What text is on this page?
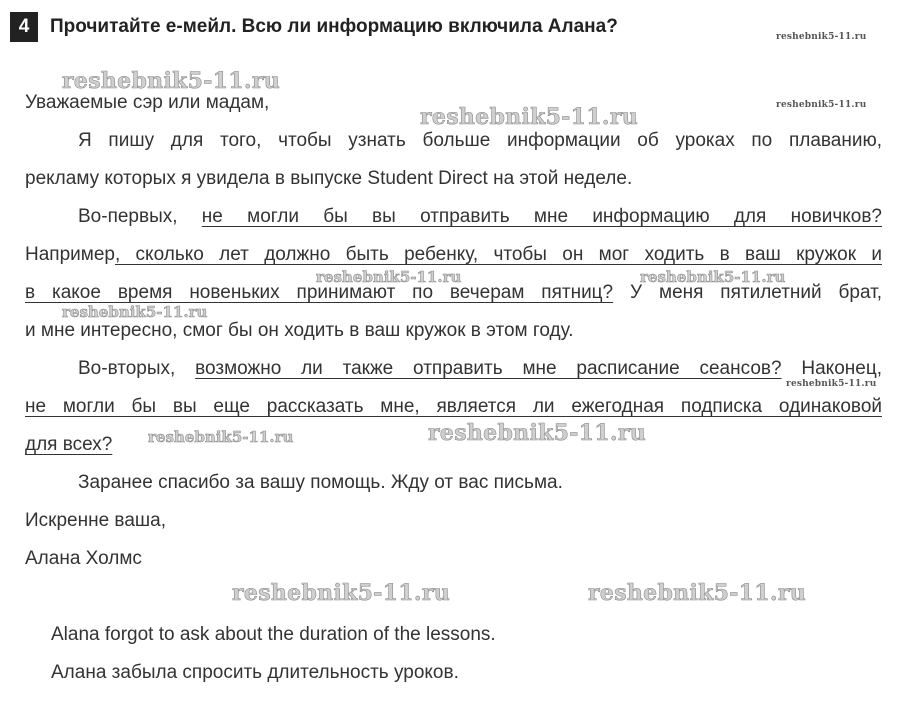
4	Прочитайте е-мейл. Всю ли информацию включила Алана?	reshebnik5-11.ru
reshebnik5-11.ru
reshebnik5-11.ru	reshebnik5-11.ru
reshebnik5-11.ru	reshebnik5-11.ru
reshebnik5-11.ru
reshebnik5-11.ru
reshebnik5-11.ru	reshebnik5-11.ru
reshebnik5-11.ru	reshebnik5-11.ru
Уважаемые сэр или мадам,
Я пишу для того, чтобы узнать больше информации об уроках по плаванию,
рекламу которых я увидела в выпуске Student Direct на этой неделе.
Во-первых, не могли бы вы отправить мне информацию для новичков?
Например, сколько лет должно быть ребенку, чтобы он мог ходить в ваш кружок и
в какое время новеньких принимают по вечерам пятниц? У меня пятилетний брат,
и мне интересно, смог бы он ходить в ваш кружок в этом году.
Во-вторых, возможно ли также отправить мне расписание сеансов? Наконец,
не могли бы вы еще рассказать мне, является ли ежегодная подписка одинаковой
для всех?
Заранее спасибо за вашу помощь. Жду от вас письма.
Искренне ваша,
Алана Холмс
Alana forgot to ask about the duration of the lessons.
Алана забыла спросить длительность уроков.
